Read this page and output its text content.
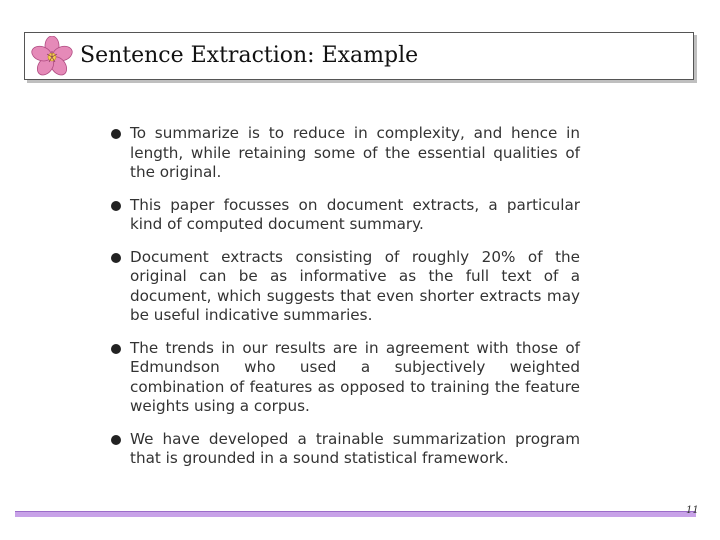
Sentence Extraction: Example
To summarize is to reduce in complexity, and hence in length, while retaining some of the essential qualities of the original.
This paper focusses on document extracts, a particular kind of computed document summary.
Document extracts consisting of roughly 20% of the original can be as informative as the full text of a document, which suggests that even shorter extracts may be useful indicative summaries.
The trends in our results are in agreement with those of Edmundson who used a subjectively weighted combination of features as opposed to training the feature weights using a corpus.
We have developed a trainable summarization program that is grounded in a sound statistical framework.
11
